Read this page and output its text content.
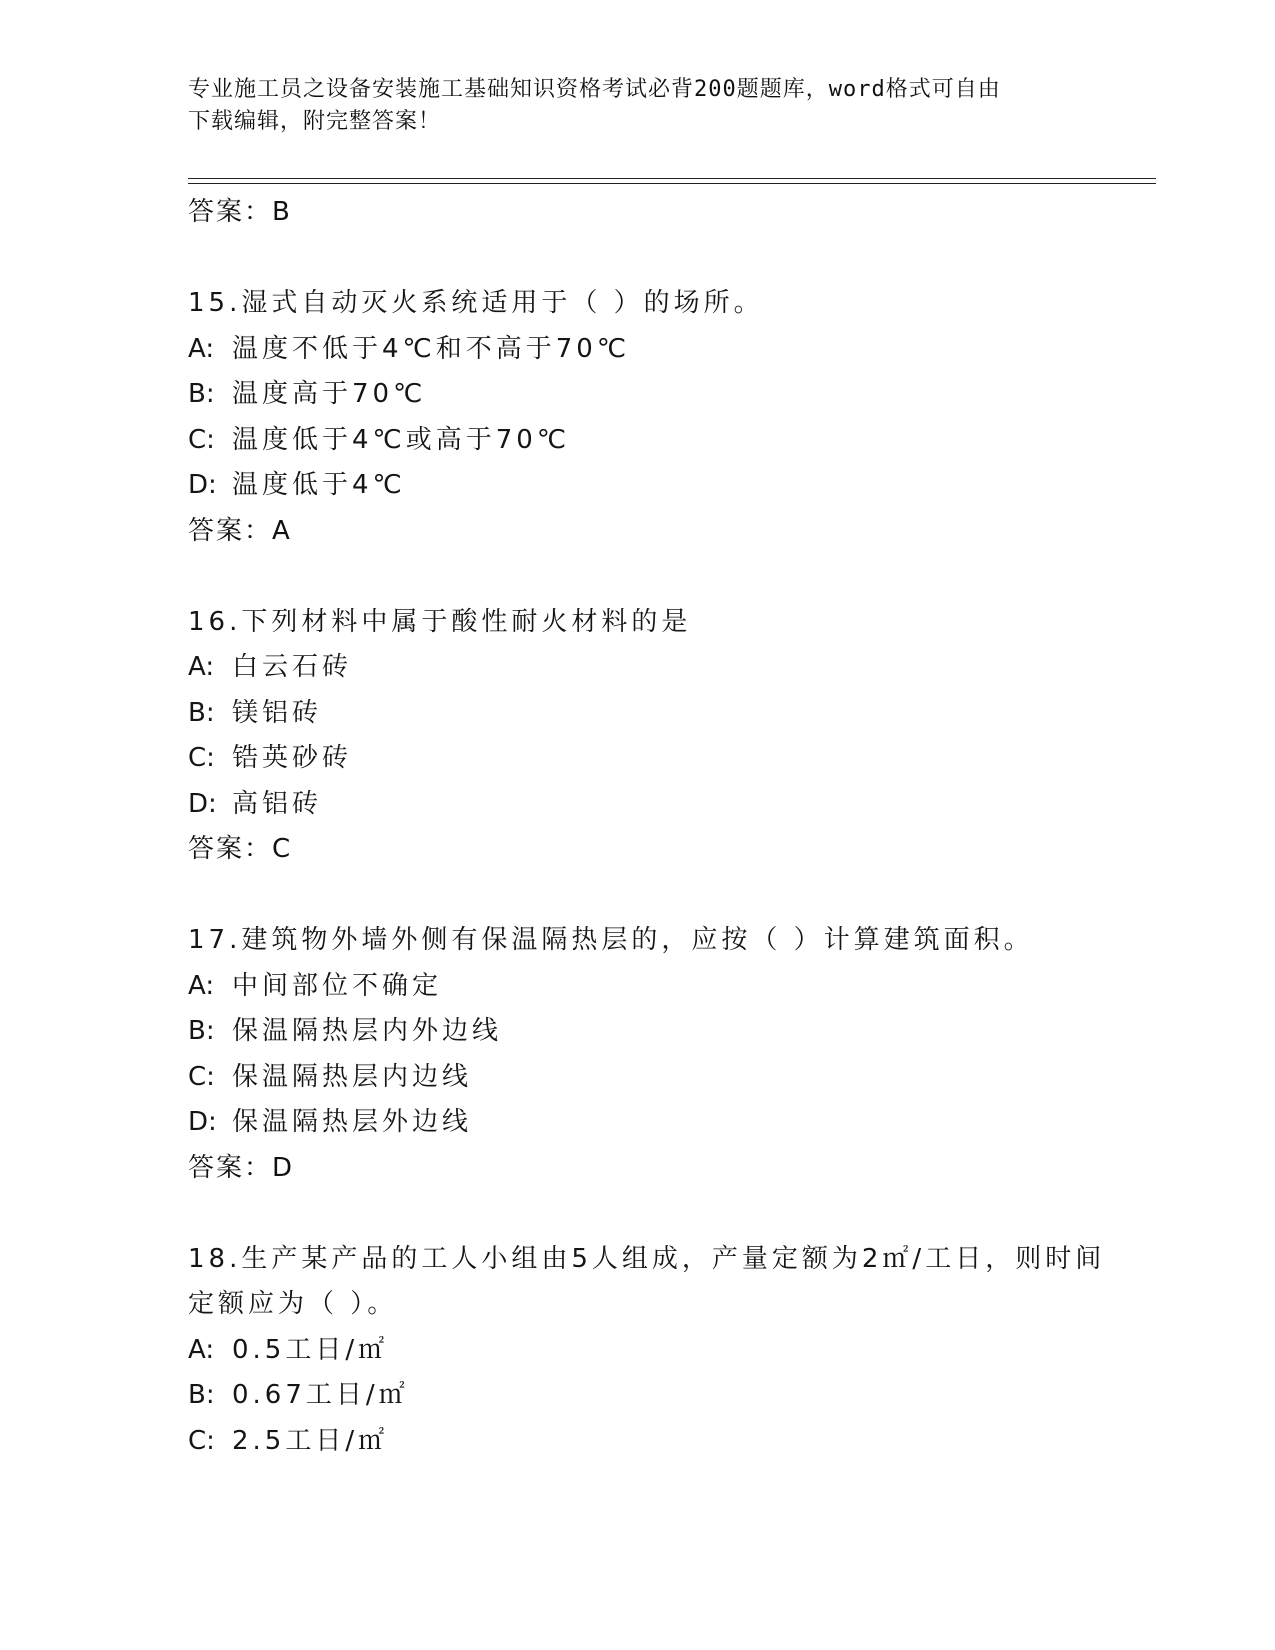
专业施工员之设备安装施工基础知识资格考试必背200题题库，word格式可自由
下载编辑，附完整答案！
答案：B
15.湿式自动灭火系统适用于（ ）的场所。
A: 温度不低于4℃和不高于70℃
B: 温度高于70℃
C: 温度低于4℃或高于70℃
D: 温度低于4℃
答案：A
16.下列材料中属于酸性耐火材料的是
A: 白云石砖
B: 镁铝砖
C: 锆英砂砖
D: 高铝砖
答案：C
17.建筑物外墙外侧有保温隔热层的，应按（ ）计算建筑面积。
A: 中间部位不确定
B: 保温隔热层内外边线
C: 保温隔热层内边线
D: 保温隔热层外边线
答案：D
18.生产某产品的工人小组由5人组成，产量定额为2㎡/工日，则时间
定额应为（ ）。
A: 0.5工日/㎡
B: 0.67工日/㎡
C: 2.5工日/㎡
